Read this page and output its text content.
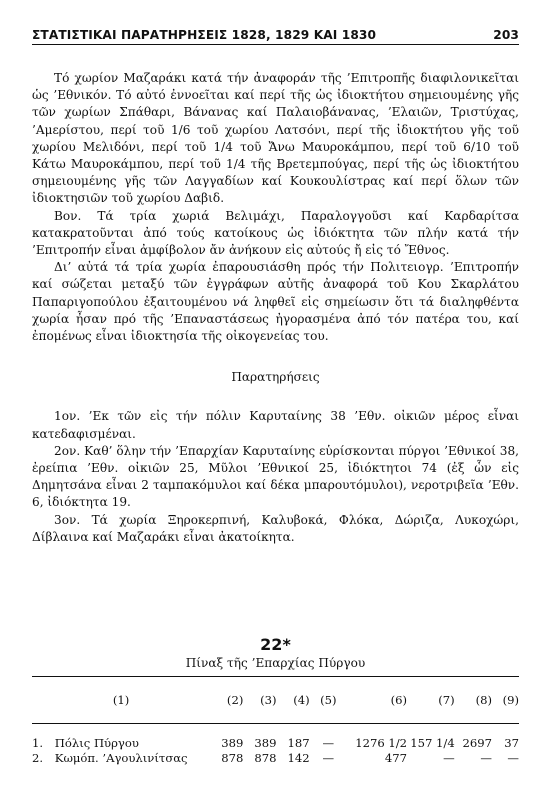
ΣΤΑΤΙΣΤΙΚΑΙ ΠΑΡΑΤΗΡΗΣΕΙΣ 1828, 1829 ΚΑΙ 1830	203

Τό χωρίον Μαζαράκι κατά τήν ἀναφοράν τῆς ’Επιτροπῆς διαφιλονικεῖται ὡς ’Εθνικόν. Τό αὐτό ἐννοεῖται καί περί τῆς ὡς ἰδιοκτήτου σημειουμένης γῆς τῶν χωρίων Σπάθαρι, Βάνανας καί Παλαιοβάνανας, ’Ελαιῶν, Τριστύχας, ’Αμερίστου, περί τοῦ 1/6 τοῦ χωρίου Λατσόνι, περί τῆς ἰδιοκτήτου γῆς τοῦ χωρίου Μελιδόνι, περί τοῦ 1/4 τοῦ Ἄνω Μαυροκάμπου, περί τοῦ 6/10 τοῦ Κάτω Μαυροκάμπου, περί τοῦ 1/4 τῆς Βρετεμπούγας, περί τῆς ὡς ἰδιοκτήτου σημειουμένης γῆς τῶν Λαγγαδίων καί Κουκουλίστρας καί περί ὅλων τῶν ἰδιοκτησιῶν τοῦ χωρίου Δαβιδ.

Βον. Τά τρία χωριά Βελιμάχι, Παραλογγοῦσι καί Καρδαρίτσα κατακρατοῦνται ἀπό τούς κατοίκους ὡς ἰδιόκτητα τῶν πλήν κατά τήν ’Επιτροπήν εἶναι ἀμφίβολον ἄν ἀνήκουν εἰς αὐτούς ἤ εἰς τό Ἔθνος.

Δι’ αὐτά τά τρία χωρία ἐπαρουσιάσθη πρός τήν Πολιτειογρ. ’Επιτροπήν καί σώζεται μεταξύ τῶν ἐγγράφων αὐτῆς ἀναφορά τοῦ Κου Σκαρλάτου Παπαριγοπούλου ἐξαιτουμένου νά ληφθεῖ εἰς σημείωσιν ὅτι τά διαληφθέντα χωρία ἦσαν πρό τῆς ’Επαναστάσεως ἠγορασμένα ἀπό τόν πατέρα του, καί ἐπομένως εἶναι ἰδιοκτησία τῆς οἰκογενείας του.

Παρατηρήσεις

1ον. ’Εκ τῶν εἰς τήν πόλιν Καρυταίνης 38 ’Εθν. οἰκιῶν μέρος εἶναι κατεδαφισμέναι.

2ον. Καθ’ ὅλην τήν ’Επαρχίαν Καρυταίνης εὑρίσκονται πύργοι ’Εθνικοί 38, ἐρείπια ’Εθν. οἰκιῶν 25, Μῦλοι ’Εθνικοί 25, ἰδιόκτητοι 74 (ἐξ ὧν εἰς Δημητσάνα εἶναι 2 ταμπακόμυλοι καί δέκα μπαρουτόμυλοι), νεροτριβεῖα ’Εθν. 6, ἰδιόκτητα 19.

3ον. Τά χωρία Ξηροκερπινή, Καλυβοκά, Φλόκα, Δώριζα, Λυκοχώρι, Δίβλαινα καί Μαζαράκι εἶναι ἀκατοίκητα.

22*
Πίναξ τῆς ’Επαρχίας Πύργου
(1)		(2)	(3)	(4)	(5)	(6)	(7)	(8)	(9)

1.	Πόλις Πύργου	389	389	187	—	1276 1/2	157 1/4	2697	37
2.	Κωμόπ. ’Αγουλινίτσας	878	878	142	—	477	—	—	—
